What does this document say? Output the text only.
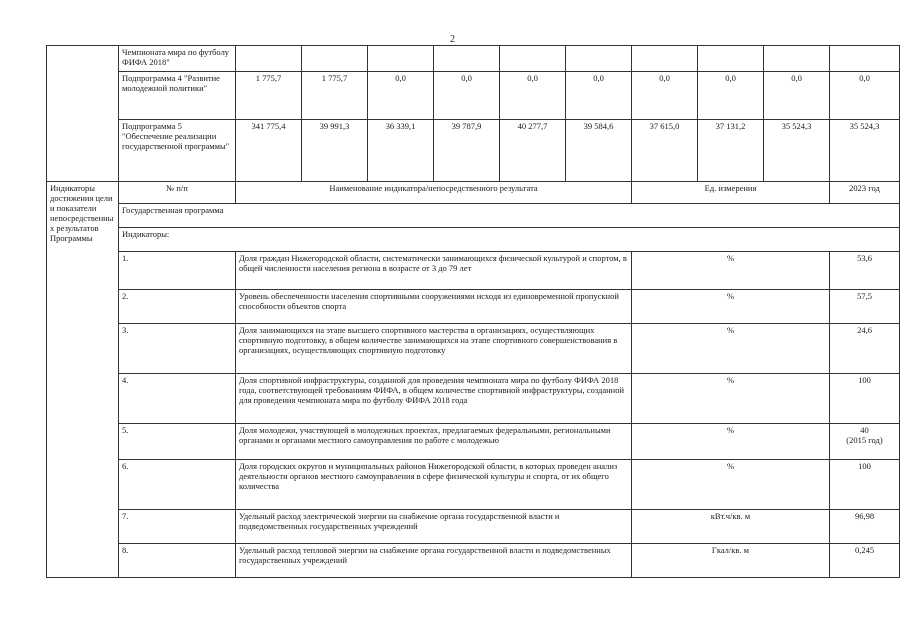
2
	Чемпионата мира по футболу ФИФА 2018"										
	Подпрограмма 4 "Развитие молодежной политики"	1 775,7	1 775,7	0,0	0,0	0,0	0,0	0,0	0,0	0,0	0,0
	Подпрограмма 5 "Обеспечение реализации государственной программы"	341 775,4	39 991,3	36 339,1	39 787,9	40 277,7	39 584,6	37 615,0	37 131,2	35 524,3	35 524,3
Индикаторы достижения цели и показатели непосредственных результатов Программы	№ п/п	Наименование индикатора/непосредственного результата						Ед. измерения			2023 год
	Государственная программа										
	Индикаторы:										
	1.	Доля граждан Нижегородской области, систематически занимающихся физической культурой и спортом, в общей численности населения региона в возрасте от 3 до 79 лет						%			53,6
	2.	Уровень обеспеченности населения спортивными сооружениями исходя из единовременной пропускной способности объектов спорта						%			57,5
	3.	Доля занимающихся на этапе высшего спортивного мастерства в организациях, осуществляющих спортивную подготовку, в общем количестве занимающихся на этапе спортивного совершенствования в организациях, осуществляющих спортивную подготовку						%			24,6
	4.	Доля спортивной инфраструктуры, созданной для проведения чемпионата мира по футболу ФИФА 2018 года, соответствующей требованиям ФИФА, в общем количестве спортивной инфраструктуры, созданной для проведения чемпионата мира по футболу ФИФА 2018 года						%			100
	5.	Доля молодежи, участвующей в молодежных проектах, предлагаемых федеральными, региональными органами и органами местного самоуправления по работе с молодежью						%			40
(2015 год)
	6.	Доля городских округов и муниципальных районов Нижегородской области, в которых проведен анализ деятельности органов местного самоуправления в сфере физической культуры и спорта, от их общего количества						%			100
	7.	Удельный расход электрической энергии на снабжение органа государственной власти и подведомственных государственных учреждений						кВт.ч/кв. м			96,98
	8.	Удельный расход тепловой энергии на снабжение органа государственной власти и подведомственных государственных учреждений						Гкал/кв. м			0,245
